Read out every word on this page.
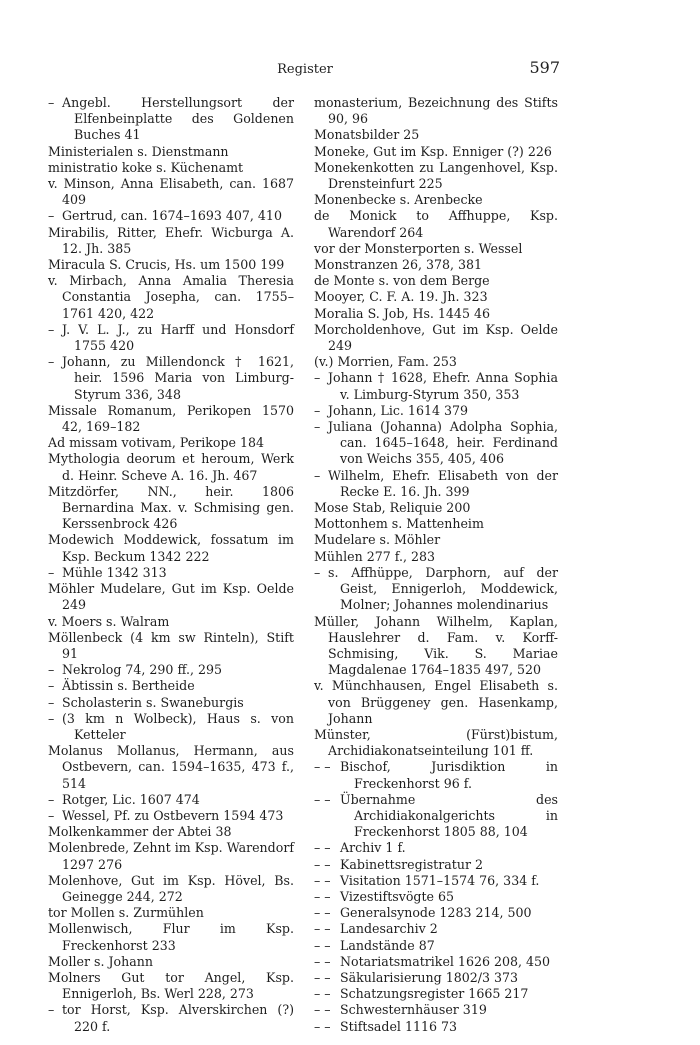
Register	597

– Angebl. Herstellungsort der Elfenbeinplatte des Goldenen Buches 41

Ministerialen s. Dienstmann

ministratio koke s. Küchenamt

v. Minson, Anna Elisabeth, can. 1687 409

– Gertrud, can. 1674–1693 407, 410

Mirabilis, Ritter, Ehefr. Wicburga A. 12. Jh. 385

Miracula S. Crucis, Hs. um 1500 199

v. Mirbach, Anna Amalia Theresia Constantia Josepha, can. 1755–1761 420, 422

– J. V. L. J., zu Harff und Honsdorf 1755 420

– Johann, zu Millendonck † 1621, heir. 1596 Maria von Limburg-Styrum 336, 348

Missale Romanum, Perikopen 1570 42, 169–182

Ad missam votivam, Perikope 184

Mythologia deorum et heroum, Werk d. Heinr. Scheve A. 16. Jh. 467

Mitzdörfer, NN., heir. 1806 Bernardina Max. v. Schmising gen. Kerssenbrock 426

Modewich Moddewick, fossatum im Ksp. Beckum 1342 222

– Mühle 1342 313

Möhler Mudelare, Gut im Ksp. Oelde 249

v. Moers s. Walram

Möllenbeck (4 km sw Rinteln), Stift 91

– Nekrolog 74, 290 ff., 295

– Äbtissin s. Bertheide

– Scholasterin s. Swaneburgis

– (3 km n Wolbeck), Haus s. von Ketteler

Molanus Mollanus, Hermann, aus Ostbevern, can. 1594–1635, 473 f., 514

– Rotger, Lic. 1607 474

– Wessel, Pf. zu Ostbevern 1594 473

Molkenkammer der Abtei 38

Molenbrede, Zehnt im Ksp. Warendorf 1297 276

Molenhove, Gut im Ksp. Hövel, Bs. Geinegge 244, 272

tor Mollen s. Zurmühlen

Mollenwisch, Flur im Ksp. Freckenhorst 233

Moller s. Johann

Molners Gut tor Angel, Ksp. Ennigerloh, Bs. Werl 228, 273

– tor Horst, Ksp. Alverskirchen (?) 220 f.

monasterium, Bezeichnung des Stifts 90, 96

Monatsbilder 25

Moneke, Gut im Ksp. Enniger (?) 226

Monekenkotten zu Langenhovel, Ksp. Drensteinfurt 225

Monenbecke s. Arenbecke

de Monick to Affhuppe, Ksp. Warendorf 264

vor der Monsterporten s. Wessel

Monstranzen 26, 378, 381

de Monte s. von dem Berge

Mooyer, C. F. A. 19. Jh. 323

Moralia S. Job, Hs. 1445 46

Morcholdenhove, Gut im Ksp. Oelde 249

(v.) Morrien, Fam. 253

– Johann † 1628, Ehefr. Anna Sophia v. Limburg-Styrum 350, 353

– Johann, Lic. 1614 379

– Juliana (Johanna) Adolpha Sophia, can. 1645–1648, heir. Ferdinand von Weichs 355, 405, 406

– Wilhelm, Ehefr. Elisabeth von der Recke E. 16. Jh. 399

Mose Stab, Reliquie 200

Mottonhem s. Mattenheim

Mudelare s. Möhler

Mühlen 277 f., 283

– s. Affhüppe, Darphorn, auf der Geist, Ennigerloh, Moddewick, Molner; Johannes molendinarius

Müller, Johann Wilhelm, Kaplan, Hauslehrer d. Fam. v. Korff-Schmising, Vik. S. Mariae Magdalenae 1764–1835 497, 520

v. Münchhausen, Engel Elisabeth s. von Brüggeney gen. Hasenkamp, Johann

Münster, (Fürst)bistum, Archidiakonatseinteilung 101 ff.

– – Bischof, Jurisdiktion in Freckenhorst 96 f.

– – Übernahme des Archidiakonalgerichts in Freckenhorst 1805 88, 104

– – Archiv 1 f.

– – Kabinettsregistratur 2

– – Visitation 1571–1574 76, 334 f.

– – Vizestiftsvögte 65

– – Generalsynode 1283 214, 500

– – Landesarchiv 2

– – Landstände 87

– – Notariatsmatrikel 1626 208, 450

– – Säkularisierung 1802/3 373

– – Schatzungsregister 1665 217

– – Schwesternhäuser 319

– – Stiftsadel 1116 73
